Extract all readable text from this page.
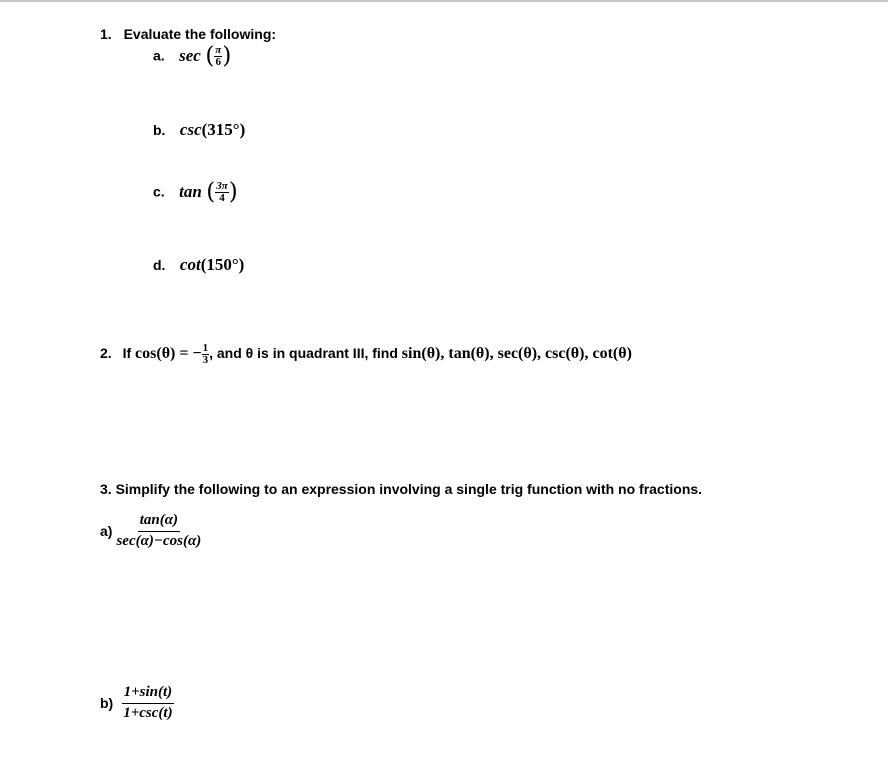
1. Evaluate the following:
a. sec ( $\frac{\pi}{6}$ )
b. csc(315°)
c. tan ( $\frac{3\pi}{4}$ )
d. cot(150°)
2. If cos(θ) = − $\frac{1}{3}$ , and θ is in quadrant III, find sin(θ), tan(θ), sec(θ), csc(θ), cot(θ)
3. Simplify the following to an expression involving a single trig function with no fractions.
$a) \frac{\tan(\alpha)}{\sec(\alpha)-\cos(\alpha)}$
$b) \frac{1+\sin(t)}{1+\csc(t)}$
